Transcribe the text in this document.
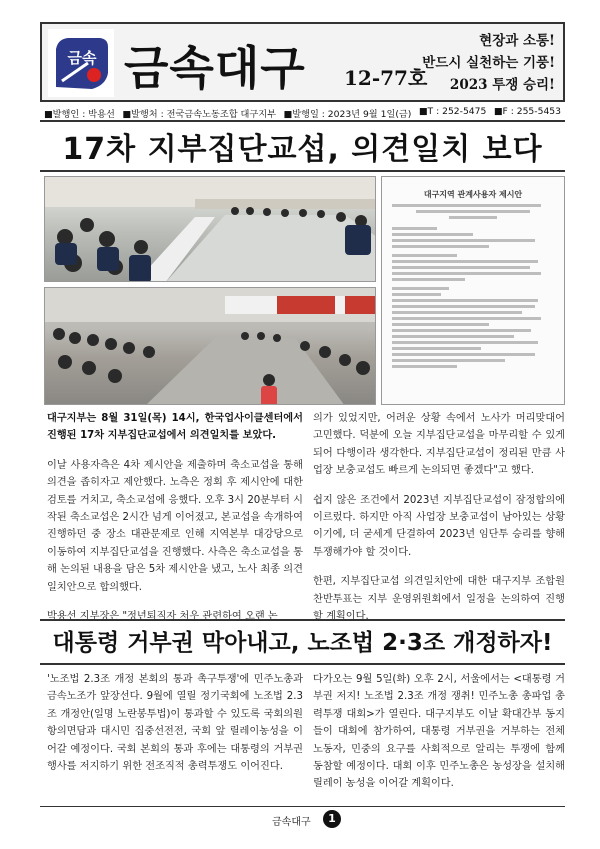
금속 금속대구 12-77호
현장과 소통!
반드시 실천하는 기풍!
2023 투쟁 승리!
■발행인 : 박용선 ■발행처 : 전국금속노동조합 대구지부 ■발행일 : 2023년 9월 1일(금) ■T : 252-5475 ■F : 255-5453
17차 지부집단교섭, 의견일치 보다
대구지역 관계사용자 제시안

대구지부는 8월 31일(목) 14시, 한국업사이클센터에서 진행된 17차 지부집단교섭에서 의견일치를 보았다.

이날 사용자측은 4차 제시안을 제출하며 축소교섭을 통해 의견을 좁히자고 제안했다. 노측은 정회 후 제시안에 대한 검토를 거치고, 축소교섭에 응했다. 오후 3시 20분부터 시작된 축소교섭은 2시간 넘게 이어졌고, 본교섭을 속개하여 진행하던 중 장소 대관문제로 인해 지역본부 대강당으로 이동하여 지부집단교섭을 진행했다. 사측은 축소교섭을 통해 논의된 내용을 담은 5차 제시안을 냈고, 노사 최종 의견일치안으로 합의했다.

박용선 지부장은 "정년퇴직자 처우 관련하여 오랜 논

의가 있었지만, 어려운 상황 속에서 노사가 머리맞대어 고민했다. 덕분에 오늘 지부집단교섭을 마무리할 수 있게 되어 다행이라 생각한다. 지부집단교섭이 정리된 만큼 사업장 보충교섭도 빠르게 논의되면 좋겠다"고 했다.

쉽지 않은 조건에서 2023년 지부집단교섭이 잠정합의에 이르렀다. 하지만 아직 사업장 보충교섭이 남아있는 상황이기에, 더 굳세게 단결하여 2023년 임단투 승리를 향해 투쟁해가야 할 것이다.

한편, 지부집단교섭 의견일치안에 대한 대구지부 조합원 찬반투표는 지부 운영위원회에서 일정을 논의하여 진행할 계획이다.

대통령 거부권 막아내고, 노조법 2·3조 개정하자!

'노조법 2.3조 개정 본회의 통과 촉구투쟁'에 민주노총과 금속노조가 앞장선다. 9월에 열릴 정기국회에 노조법 2.3조 개정안(일명 노란봉투법)이 통과할 수 있도록 국회의원 항의면담과 대시민 집중선전전, 국회 앞 릴레이농성을 이어갈 예정이다. 국회 본회의 통과 후에는 대통령의 거부권 행사를 저지하기 위한 전조직적 총력투쟁도 이어진다.

다가오는 9월 5일(화) 오후 2시, 서울에서는 <대통령 거부권 저지! 노조법 2.3조 개정 쟁취! 민주노총 총파업 총력투쟁 대회>가 열린다. 대구지부도 이날 확대간부 동지들이 대회에 참가하여, 대통령 거부권을 거부하는 전체 노동자, 민중의 요구를 사회적으로 알리는 투쟁에 함께 동참할 예정이다. 대회 이후 민주노총은 농성장을 설치해 릴레이 농성을 이어갈 계획이다.

금속대구	1
